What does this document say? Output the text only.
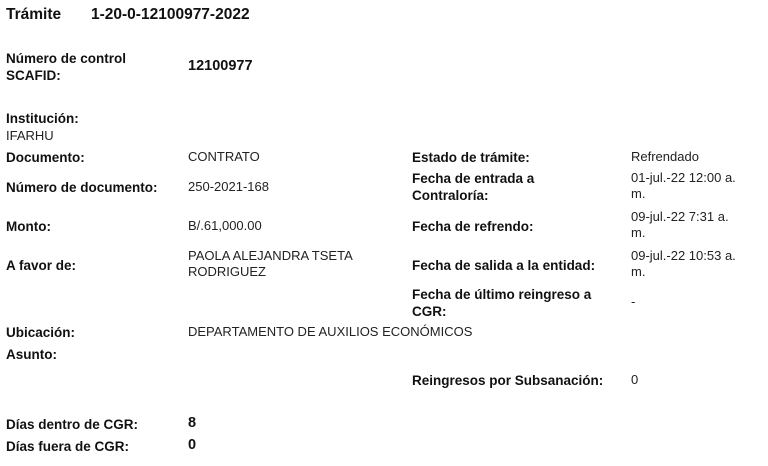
Trámite 1-20-0-12100977-2022
Número de control
SCAFID:
12100977
Institución:
IFARHU
Documento:	CONTRATO
Número de documento: 250-2021-168
Monto:	B/.61,000.00
A favor de:
PAOLA ALEJANDRA TSETA
RODRIGUEZ
Estado de trámite:	Refrendado
Fecha de entrada a
Contraloría:
01-jul.-22 12:00 a.
m.
Fecha de refrendo:
09-jul.-22 7:31 a.
m.
Fecha de salida a la entidad:
09-jul.-22 10:53 a.
m.
Fecha de último reingreso a
CGR:
-
Ubicación:	DEPARTAMENTO DE AUXILIOS ECONÓMICOS
Asunto:
Reingresos por Subsanación: 0
Días dentro de CGR:	8
Días fuera de CGR:	0
